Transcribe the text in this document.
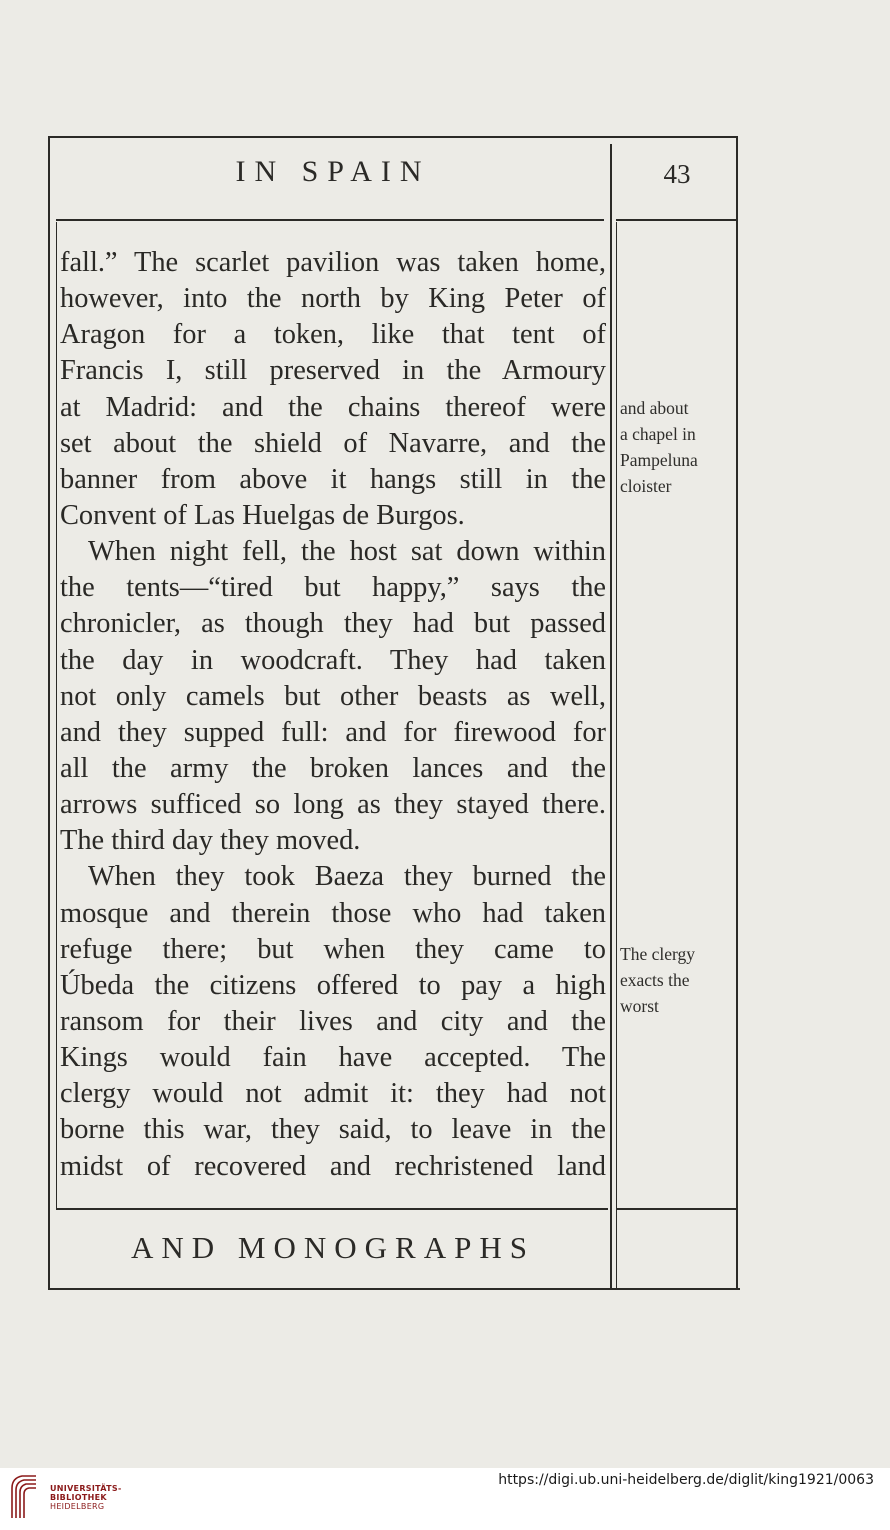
IN SPAIN	43
fall.” The scarlet pavilion was taken home,
however, into the north by King Peter of
Aragon for a token, like that tent of
Francis I, still preserved in the Armoury
at Madrid: and the chains thereof were
set about the shield of Navarre, and the
banner from above it hangs still in the
Convent of Las Huelgas de Burgos.
When night fell, the host sat down within
the tents—“tired but happy,” says the
chronicler, as though they had but passed
the day in woodcraft. They had taken
not only camels but other beasts as well,
and they supped full: and for firewood for
all the army the broken lances and the
arrows sufficed so long as they stayed there.
The third day they moved.
When they took Baeza they burned the
mosque and therein those who had taken
refuge there; but when they came to
Úbeda the citizens offered to pay a high
ransom for their lives and city and the
Kings would fain have accepted. The
clergy would not admit it: they had not
borne this war, they said, to leave in the
midst of recovered and rechristened land
and about
a chapel in
Pampeluna
cloister
The clergy
exacts the
worst
AND MONOGRAPHS
UNIVERSITÄTS-
BIBLIOTHEK
HEIDELBERG
https://digi.ub.uni-heidelberg.de/diglit/king1921/0063
